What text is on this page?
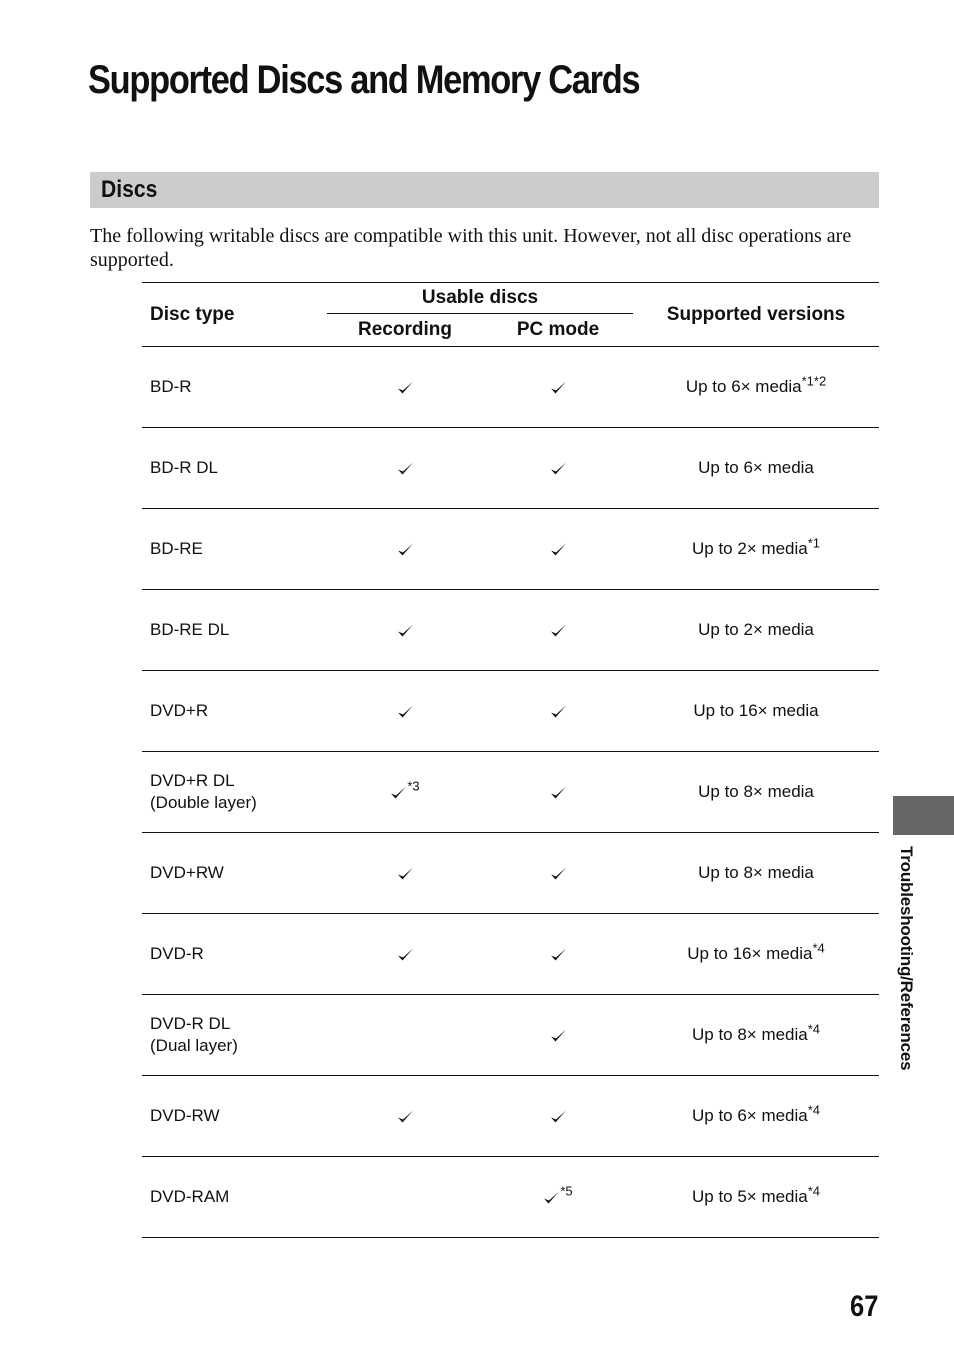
Supported Discs and Memory Cards
Discs

The following writable discs are compatible with this unit. However, not all disc operations are supported.

Disc type	Usable discs		Supported versions
	Recording	PC mode	

BD-R			Up to 6× media$^{*1*2}$

BD-R DL			Up to 6× media

BD-RE			Up to 2× media$^{*1}$

BD-RE DL			Up to 2× media

DVD+R			Up to 16× media

DVD+R DL
(Double layer)	$^{*3}$		Up to 8× media

DVD+RW			Up to 8× media

DVD-R			Up to 16× media$^{*4}$

DVD-R DL
(Dual layer)			Up to 8× media$^{*4}$

DVD-RW			Up to 6× media$^{*4}$

DVD-RAM		$^{*5}$	Up to 5× media$^{*4}$
Troubleshooting/References
67
